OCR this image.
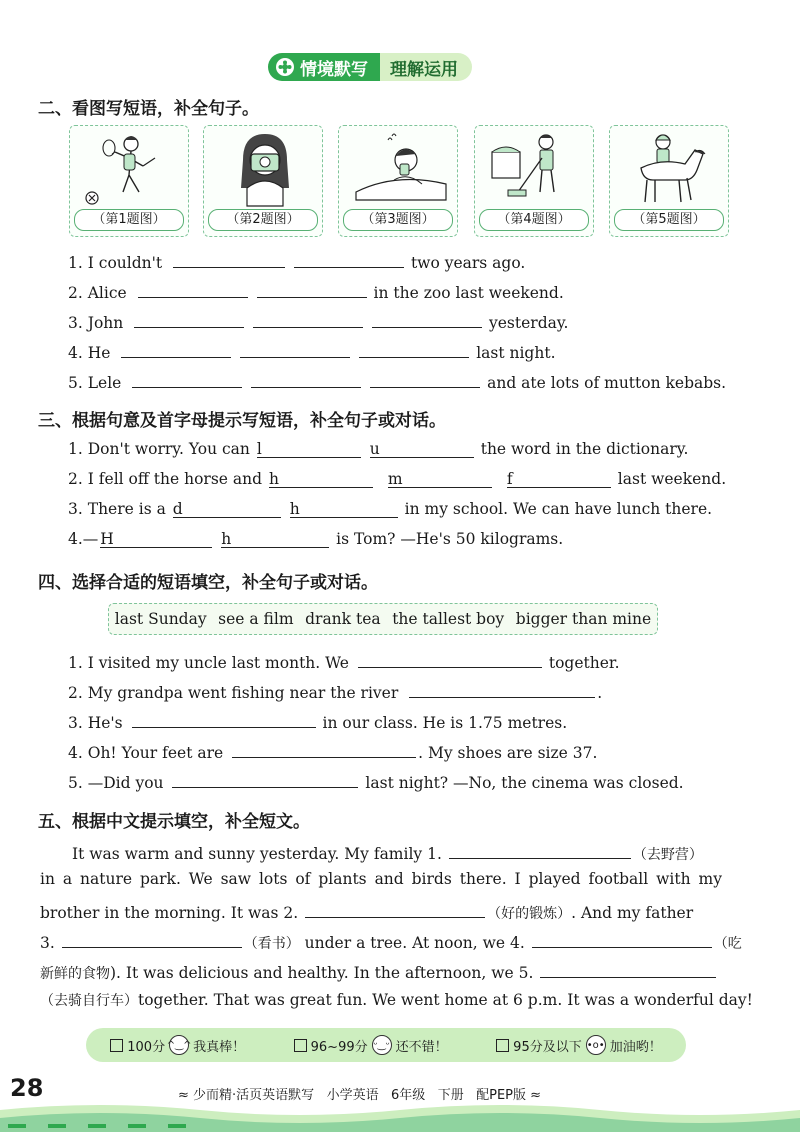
情境默写	理解运用
二、看图写短语，补全句子。
（第1题图）	（第2题图）	（第3题图）	（第4题图）	（第5题图）
1. I couldn't	two years ago.
2. Alice	in the zoo last weekend.
3. John	yesterday.
4. He	last night.
5. Lele	and ate lots of mutton kebabs.
三、根据句意及首字母提示写短语，补全句子或对话。
1. Don't worry. You can l	u	the word in the dictionary.
2. I fell off the horse and h	m	f	last weekend.
3. There is a d	h	in my school. We can have lunch there.
4.— H	h	is Tom? —He's 50 kilograms.
四、选择合适的短语填空，补全句子或对话。
last Sunday see a film drank tea the tallest boy bigger than mine
1. I visited my uncle last month. We	together.
2. My grandpa went fishing near the river	.
3. He's	in our class. He is 1.75 metres.
4. Oh! Your feet are	. My shoes are size 37.
5. —Did you	last night? —No, the cinema was closed.
五、根据中文提示填空，补全短文。
It was warm and sunny yesterday. My family 1.	（去野营）
in a nature park. We saw lots of plants and birds there. I played football with my
brother in the morning. It was 2.	（好的锻炼）. And my father
3.	（看书） under a tree. At noon, we 4.	（吃
新鲜的食物). It was delicious and healthy. In the afternoon, we 5.
（去骑自行车）together. That was great fun. We went home at 6 p.m. It was a wonderful day!
100分 ^‿^ 我真棒！	96~99分 ᵕ‿ᵕ 还不错！	95分及以下 •o• 加油哟！
28	≈ 少而精·活页英语默写 小学英语 6年级 下册 配PEP版 ≈
